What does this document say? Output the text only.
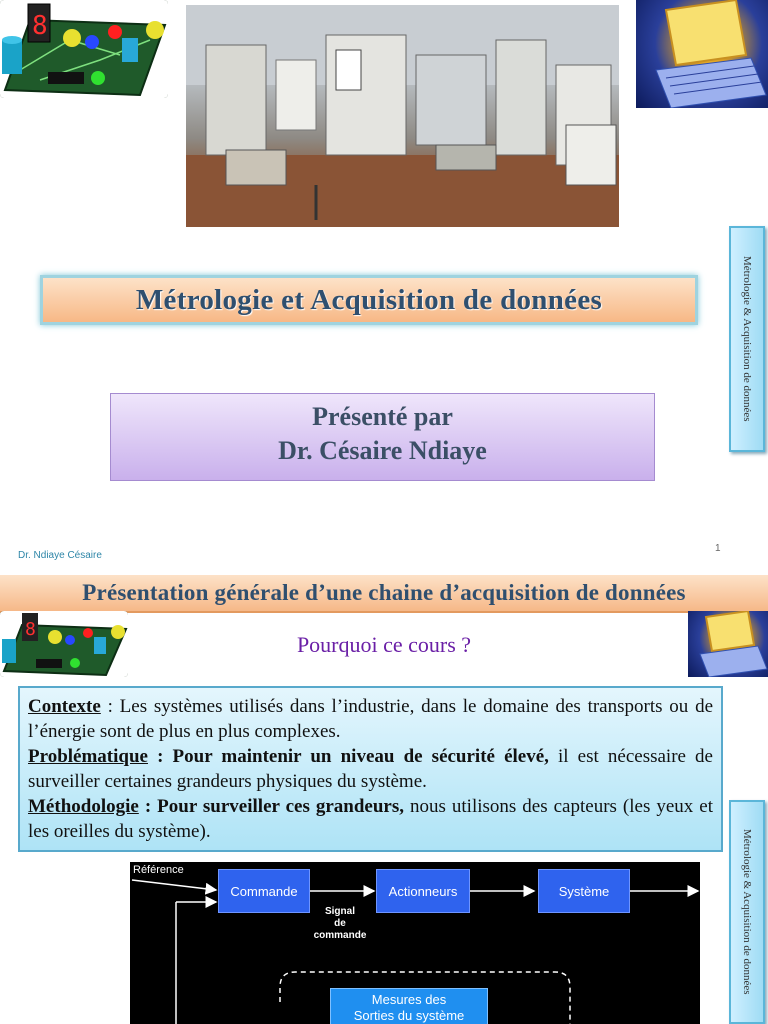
8
Métrologie et Acquisition de données
Présenté par
Dr. Césaire Ndiaye
Métrologie & Acquisition de données
Dr. Ndiaye Césaire
1
Présentation générale d’une chaine d’acquisition de données
8
Pourquoi ce cours ?

Contexte : Les systèmes utilisés dans l’industrie, dans le domaine des transports ou de l’énergie sont de plus en plus complexes.

Problématique : Pour maintenir un niveau de sécurité élevé, il est nécessaire de surveiller certaines grandeurs physiques du système.

Méthodologie : Pour surveiller ces grandeurs, nous utilisons des capteurs (les yeux et les oreilles du système).

Référence
Commande	Actionneurs	Système
Signal
de
commande
Mesures des
Sorties du système
Métrologie & Acquisition de données
